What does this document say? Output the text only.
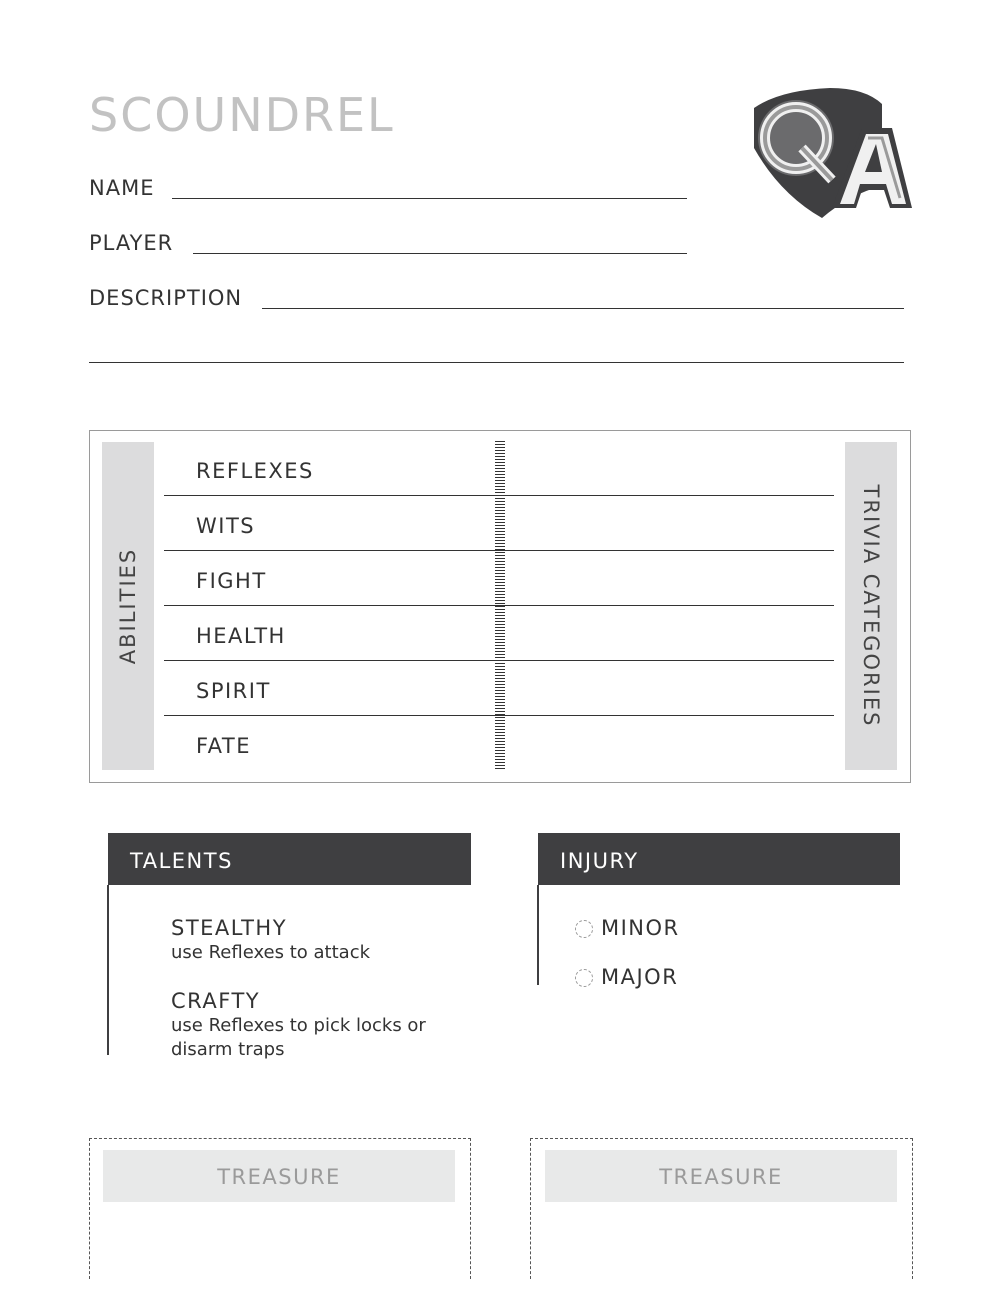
SCOUNDREL
NAME
PLAYER
DESCRIPTION
ABILITIES	TRIVIA CATEGORIES
REFLEXES
WITS
FIGHT
HEALTH
SPIRIT
FATE
TALENTS
STEALTHY
use Reflexes to attack
CRAFTY
use Reflexes to pick locks or
disarm traps
INJURY
MINOR
MAJOR
TREASURE	TREASURE
